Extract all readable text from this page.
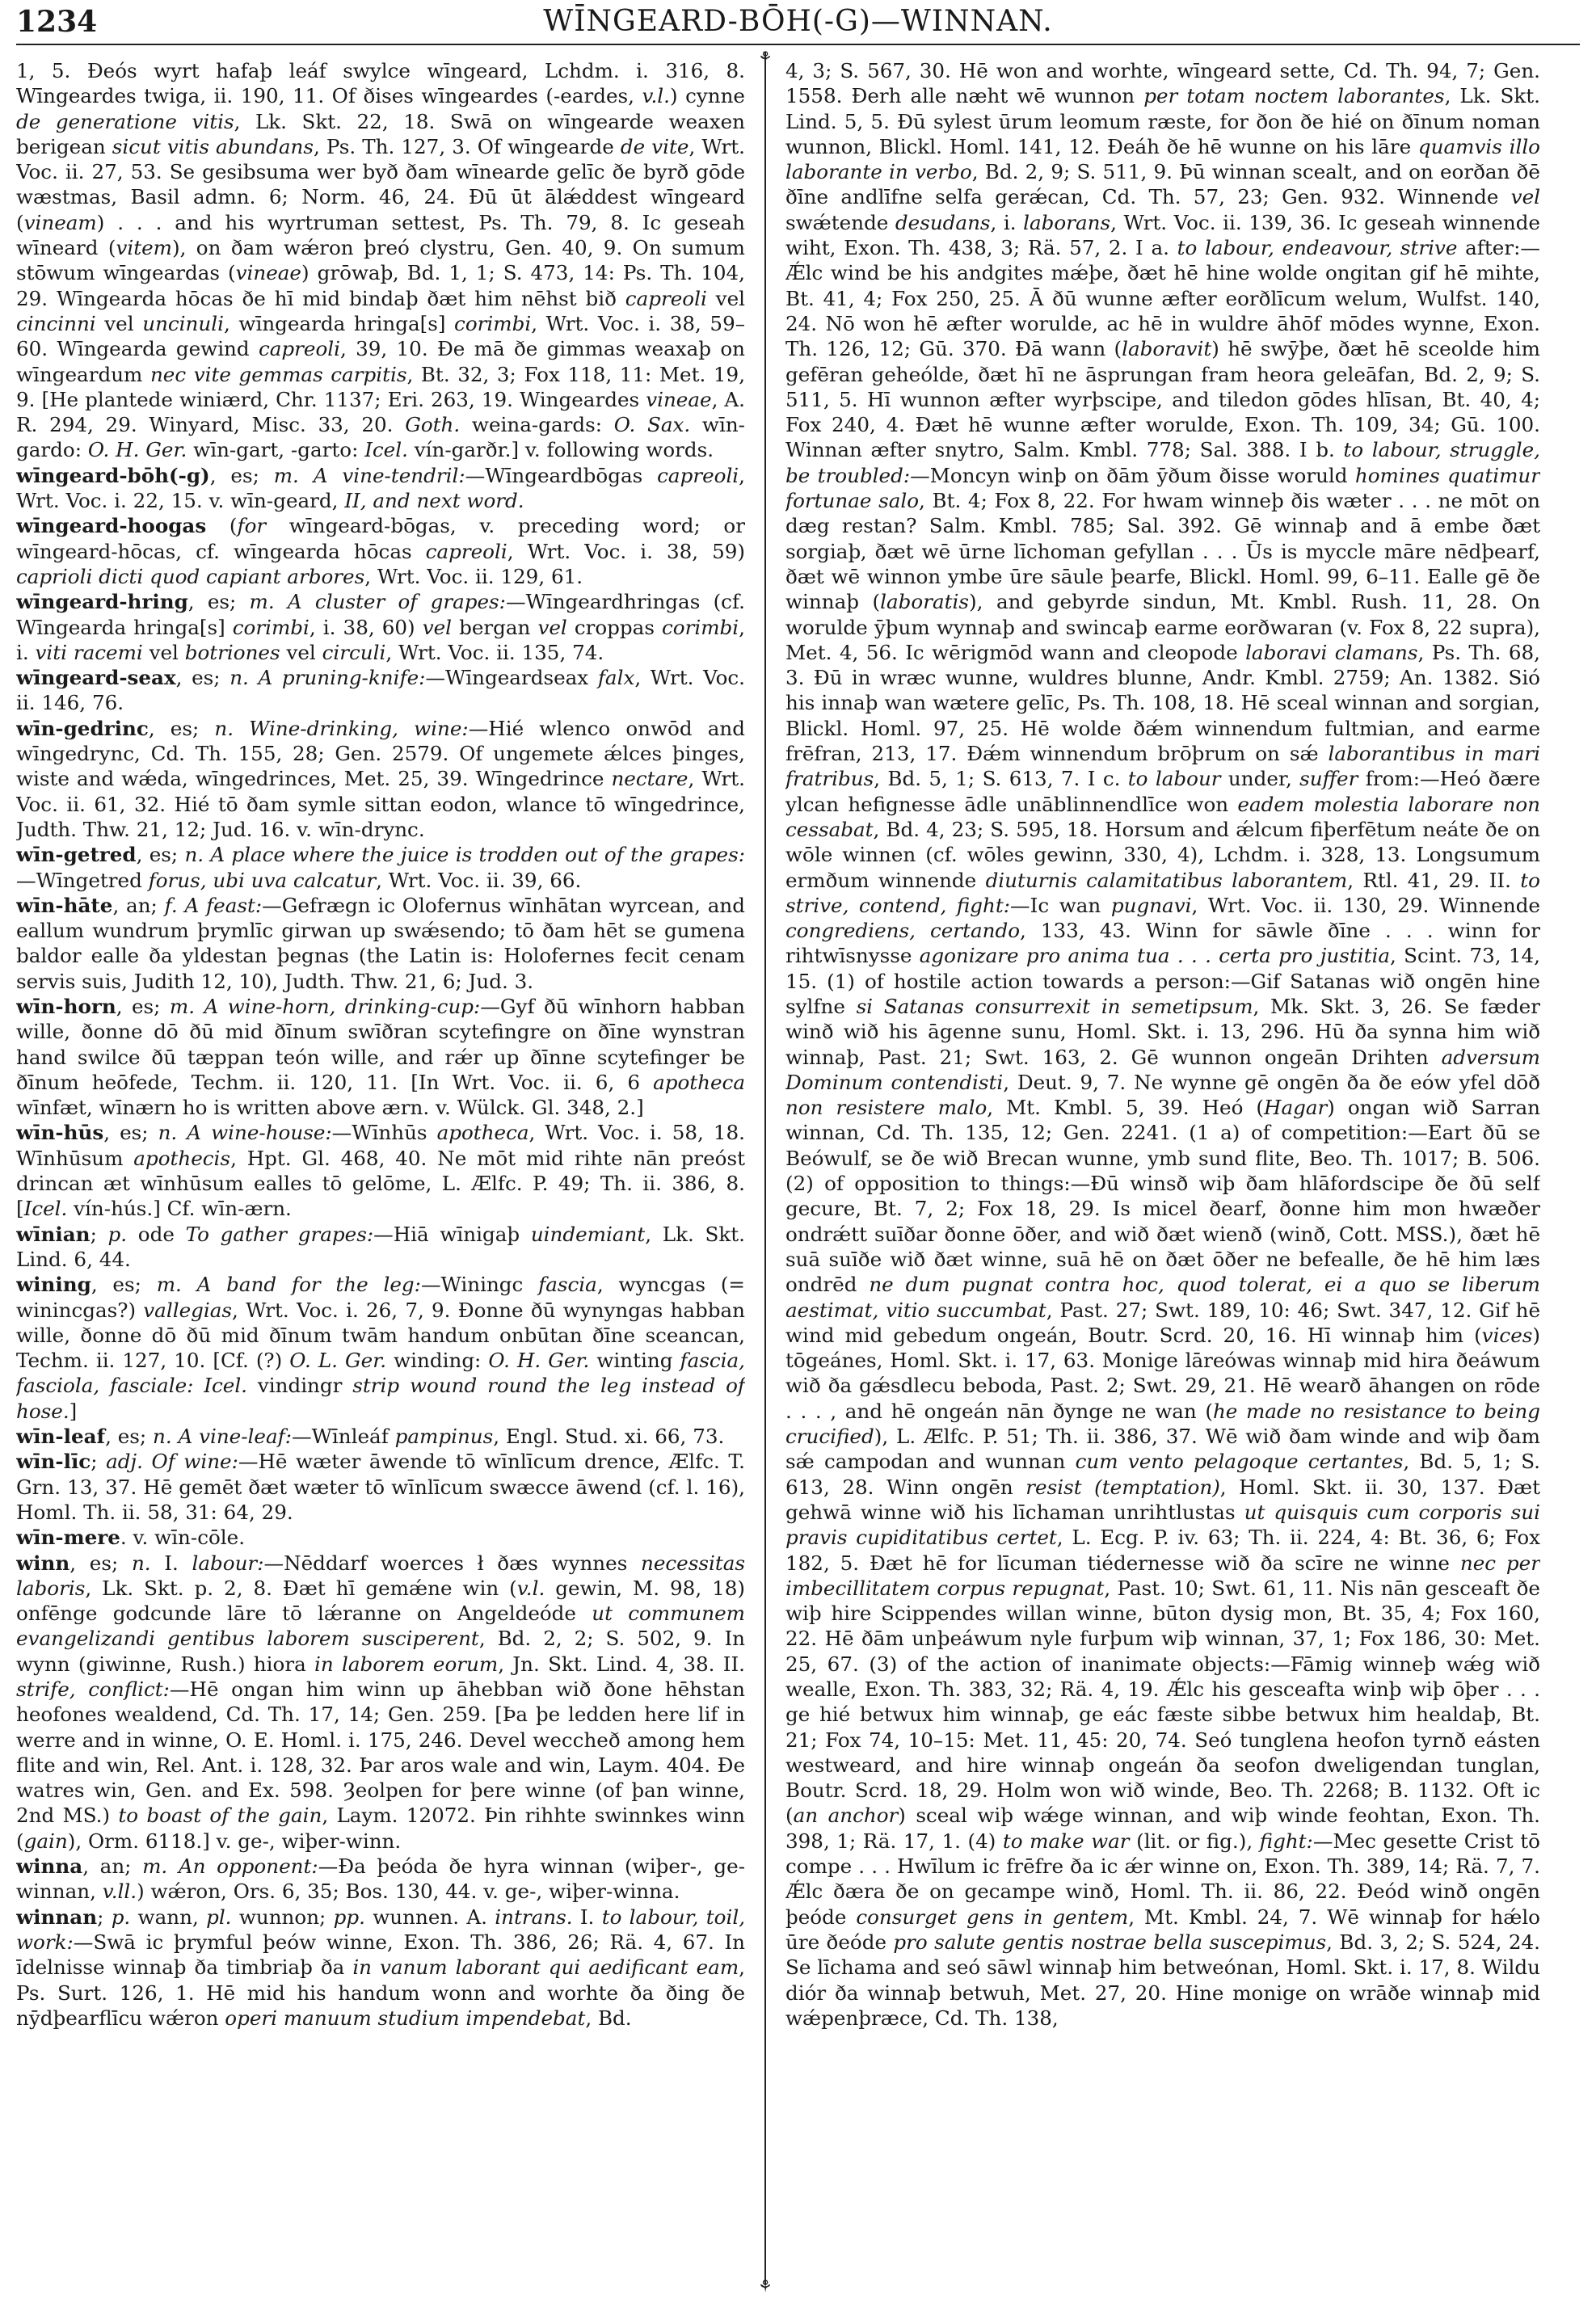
1234	WĪNGEARD-BŌH(-G)—WINNAN.

1, 5. Ðeós wyrt hafaþ leáf swylce wīngeard, Lchdm. i. 316, 8. Wīngeardes twiga, ii. 190, 11. Of ðises wīngeardes (-eardes, v.l.) cynne de generatione vitis, Lk. Skt. 22, 18. Swā on wīngearde weaxen berigean sicut vitis abundans, Ps. Th. 127, 3. Of wīngearde de vite, Wrt. Voc. ii. 27, 53. Se gesibsuma wer byð ðam wīnearde gelīc ðe byrð gōde wæstmas, Basil admn. 6; Norm. 46, 24. Ðū ūt ālǽddest wīngeard (vineam) . . . and his wyrtruman settest, Ps. Th. 79, 8. Ic geseah wīneard (vitem), on ðam wǽron þreó clystru, Gen. 40, 9. On sumum stōwum wīngeardas (vineae) grōwaþ, Bd. 1, 1; S. 473, 14: Ps. Th. 104, 29. Wīngearda hōcas ðe hī mid bindaþ ðæt him nēhst bið capreoli vel cincinni vel uncinuli, wīngearda hringa[s] corimbi, Wrt. Voc. i. 38, 59–60. Wīngearda gewind capreoli, 39, 10. Ðe mā ðe gimmas weaxaþ on wīngeardum nec vite gemmas carpitis, Bt. 32, 3; Fox 118, 11: Met. 19, 9. [He plantede winiærd, Chr. 1137; Eri. 263, 19. Wingeardes vineae, A. R. 294, 29. Winyard, Misc. 33, 20. Goth. weina-gards: O. Sax. wīn-gardo: O. H. Ger. wīn-gart, -garto: Icel. vín-garðr.] v. following words.

wīngeard-bōh(-g), es; m. A vine-tendril:—Wīngeardbōgas capreoli, Wrt. Voc. i. 22, 15. v. wīn-geard, II, and next word.

wīngeard-hoogas (for wīngeard-bōgas, v. preceding word; or wīngeard-hōcas, cf. wīngearda hōcas capreoli, Wrt. Voc. i. 38, 59) caprioli dicti quod capiant arbores, Wrt. Voc. ii. 129, 61.

wīngeard-hring, es; m. A cluster of grapes:—Wīngeardhringas (cf. Wīngearda hringa[s] corimbi, i. 38, 60) vel bergan vel croppas corimbi, i. viti racemi vel botriones vel circuli, Wrt. Voc. ii. 135, 74.

wīngeard-seax, es; n. A pruning-knife:—Wīngeardseax falx, Wrt. Voc. ii. 146, 76.

wīn-gedrinc, es; n. Wine-drinking, wine:—Hié wlenco onwōd and wīngedrync, Cd. Th. 155, 28; Gen. 2579. Of ungemete ǽlces þinges, wiste and wǽda, wīngedrinces, Met. 25, 39. Wīngedrince nectare, Wrt. Voc. ii. 61, 32. Hié tō ðam symle sittan eodon, wlance tō wīngedrince, Judth. Thw. 21, 12; Jud. 16. v. wīn-drync.

wīn-getred, es; n. A place where the juice is trodden out of the grapes:—Wīngetred forus, ubi uva calcatur, Wrt. Voc. ii. 39, 66.

wīn-hāte, an; f. A feast:—Gefrægn ic Olofernus wīnhātan wyrcean, and eallum wundrum þrymlīc girwan up swǽsendo; tō ðam hēt se gumena baldor ealle ða yldestan þegnas (the Latin is: Holofernes fecit cenam servis suis, Judith 12, 10), Judth. Thw. 21, 6; Jud. 3.

wīn-horn, es; m. A wine-horn, drinking-cup:—Gyf ðū wīnhorn habban wille, ðonne dō ðū mid ðīnum swīðran scytefingre on ðīne wynstran hand swilce ðū tæppan teón wille, and rǽr up ðīnne scytefinger be ðīnum heōfede, Techm. ii. 120, 11. [In Wrt. Voc. ii. 6, 6 apotheca wīnfæt, wīnærn ho is written above ærn. v. Wülck. Gl. 348, 2.]

wīn-hūs, es; n. A wine-house:—Wīnhūs apotheca, Wrt. Voc. i. 58, 18. Wīnhūsum apothecis, Hpt. Gl. 468, 40. Ne mōt mid rihte nān preóst drincan æt wīnhūsum ealles tō gelōme, L. Ælfc. P. 49; Th. ii. 386, 8. [Icel. vín-hús.] Cf. wīn-ærn.

wīnian; p. ode To gather grapes:—Hiā wīnigaþ uindemiant, Lk. Skt. Lind. 6, 44.

wining, es; m. A band for the leg:—Winingc fascia, wyncgas (= winincgas?) vallegias, Wrt. Voc. i. 26, 7, 9. Ðonne ðū wynyngas habban wille, ðonne dō ðū mid ðīnum twām handum onbūtan ðīne sceancan, Techm. ii. 127, 10. [Cf. (?) O. L. Ger. winding: O. H. Ger. winting fascia, fasciola, fasciale: Icel. vindingr strip wound round the leg instead of hose.]

wīn-leaf, es; n. A vine-leaf:—Wīnleáf pampinus, Engl. Stud. xi. 66, 73.

wīn-līc; adj. Of wine:—Hē wæter āwende tō wīnlīcum drence, Ælfc. T. Grn. 13, 37. Hē gemēt ðæt wæter tō wīnlīcum swæcce āwend (cf. l. 16), Homl. Th. ii. 58, 31: 64, 29.

wīn-mere. v. wīn-cōle.

winn, es; n. I. labour:—Nēddarf woerces ł ðæs wynnes necessitas laboris, Lk. Skt. p. 2, 8. Ðæt hī gemǽne win (v.l. gewin, M. 98, 18) onfēnge godcunde lāre tō lǽranne on Angeldeóde ut communem evangelizandi gentibus laborem susciperent, Bd. 2, 2; S. 502, 9. In wynn (giwinne, Rush.) hiora in laborem eorum, Jn. Skt. Lind. 4, 38. II. strife, conflict:—Hē ongan him winn up āhebban wið ðone hēhstan heofones wealdend, Cd. Th. 17, 14; Gen. 259. [Þa þe ledden here lif in werre and in winne, O. E. Homl. i. 175, 246. Devel weccheð among hem flite and win, Rel. Ant. i. 128, 32. Þar aros wale and win, Laym. 404. Ðe watres win, Gen. and Ex. 598. Ȝeolpen for þere winne (of þan winne, 2nd MS.) to boast of the gain, Laym. 12072. Þin rihhte swinnkes winn (gain), Orm. 6118.] v. ge-, wiþer-winn.

winna, an; m. An opponent:—Ða þeóda ðe hyra winnan (wiþer-, ge-winnan, v.ll.) wǽron, Ors. 6, 35; Bos. 130, 44. v. ge-, wiþer-winna.

winnan; p. wann, pl. wunnon; pp. wunnen. A. intrans. I. to labour, toil, work:—Swā ic þrymful þeów winne, Exon. Th. 386, 26; Rä. 4, 67. In īdelnisse winnaþ ða timbriaþ ða in vanum laborant qui aedificant eam, Ps. Surt. 126, 1. Hē mid his handum wonn and worhte ða ðing ðe nȳdþearflīcu wǽron operi manuum studium impendebat, Bd.

⚘
⚘

4, 3; S. 567, 30. Hē won and worhte, wīngeard sette, Cd. Th. 94, 7; Gen. 1558. Ðerh alle næht wē wunnon per totam noctem laborantes, Lk. Skt. Lind. 5, 5. Ðū sylest ūrum leomum ræste, for ðon ðe hié on ðīnum noman wunnon, Blickl. Homl. 141, 12. Ðeáh ðe hē wunne on his lāre quamvis illo laborante in verbo, Bd. 2, 9; S. 511, 9. Þū winnan scealt, and on eorðan ðē ðīne andlīfne selfa gerǽcan, Cd. Th. 57, 23; Gen. 932. Winnende vel swǽtende desudans, i. laborans, Wrt. Voc. ii. 139, 36. Ic geseah winnende wiht, Exon. Th. 438, 3; Rä. 57, 2. I a. to labour, endeavour, strive after:—Ǽlc wind be his andgites mǽþe, ðæt hē hine wolde ongitan gif hē mihte, Bt. 41, 4; Fox 250, 25. Ā ðū wunne æfter eorðlīcum welum, Wulfst. 140, 24. Nō won hē æfter worulde, ac hē in wuldre āhōf mōdes wynne, Exon. Th. 126, 12; Gū. 370. Ðā wann (laboravit) hē swȳþe, ðæt hē sceolde him gefēran geheólde, ðæt hī ne āsprungan fram heora geleāfan, Bd. 2, 9; S. 511, 5. Hī wunnon æfter wyrþscipe, and tiledon gōdes hlīsan, Bt. 40, 4; Fox 240, 4. Ðæt hē wunne æfter worulde, Exon. Th. 109, 34; Gū. 100. Winnan æfter snytro, Salm. Kmbl. 778; Sal. 388. I b. to labour, struggle, be troubled:—Moncyn winþ on ðām ȳðum ðisse woruld homines quatimur fortunae salo, Bt. 4; Fox 8, 22. For hwam winneþ ðis wæter . . . ne mōt on dæg restan? Salm. Kmbl. 785; Sal. 392. Gē winnaþ and ā embe ðæt sorgiaþ, ðæt wē ūrne līchoman gefyllan . . . Ūs is myccle māre nēdþearf, ðæt wē winnon ymbe ūre sāule þearfe, Blickl. Homl. 99, 6–11. Ealle gē ðe winnaþ (laboratis), and gebyrde sindun, Mt. Kmbl. Rush. 11, 28. On worulde ȳþum wynnaþ and swincaþ earme eorðwaran (v. Fox 8, 22 supra), Met. 4, 56. Ic wērigmōd wann and cleopode laboravi clamans, Ps. Th. 68, 3. Ðū in wræc wunne, wuldres blunne, Andr. Kmbl. 2759; An. 1382. Sió his innaþ wan wætere gelīc, Ps. Th. 108, 18. Hē sceal winnan and sorgian, Blickl. Homl. 97, 25. Hē wolde ðǽm winnendum fultmian, and earme frēfran, 213, 17. Ðǽm winnendum brōþrum on sǽ laborantibus in mari fratribus, Bd. 5, 1; S. 613, 7. I c. to labour under, suffer from:—Heó ðære ylcan hefignesse ādle unāblinnendlīce won eadem molestia laborare non cessabat, Bd. 4, 23; S. 595, 18. Horsum and ǽlcum fiþerfētum neáte ðe on wōle winnen (cf. wōles gewinn, 330, 4), Lchdm. i. 328, 13. Longsumum ermðum winnende diuturnis calamitatibus laborantem, Rtl. 41, 29. II. to strive, contend, fight:—Ic wan pugnavi, Wrt. Voc. ii. 130, 29. Winnende congrediens, certando, 133, 43. Winn for sāwle ðīne . . . winn for rihtwīsnysse agonizare pro anima tua . . . certa pro justitia, Scint. 73, 14, 15. (1) of hostile action towards a person:—Gif Satanas wið ongēn hine sylfne si Satanas consurrexit in semetipsum, Mk. Skt. 3, 26. Se fæder winð wið his āgenne sunu, Homl. Skt. i. 13, 296. Hū ða synna him wið winnaþ, Past. 21; Swt. 163, 2. Gē wunnon ongeān Drihten adversum Dominum contendisti, Deut. 9, 7. Ne wynne gē ongēn ða ðe eów yfel dōð non resistere malo, Mt. Kmbl. 5, 39. Heó (Hagar) ongan wið Sarran winnan, Cd. Th. 135, 12; Gen. 2241. (1 a) of competition:—Eart ðū se Beówulf, se ðe wið Brecan wunne, ymb sund flite, Beo. Th. 1017; B. 506. (2) of opposition to things:—Ðū winsð wiþ ðam hlāfordscipe ðe ðū self gecure, Bt. 7, 2; Fox 18, 29. Is micel ðearf, ðonne him mon hwæðer ondrǽtt suīðar ðonne ōðer, and wið ðæt wienð (winð, Cott. MSS.), ðæt hē suā suīðe wið ðæt winne, suā hē on ðæt ōðer ne befealle, ðe hē him læs ondrēd ne dum pugnat contra hoc, quod tolerat, ei a quo se liberum aestimat, vitio succumbat, Past. 27; Swt. 189, 10: 46; Swt. 347, 12. Gif hē wind mid gebedum ongeán, Boutr. Scrd. 20, 16. Hī winnaþ him (vices) tōgeánes, Homl. Skt. i. 17, 63. Monige lāreówas winnaþ mid hira ðeáwum wið ða gǽsdlecu beboda, Past. 2; Swt. 29, 21. Hē wearð āhangen on rōde . . . , and hē ongeán nān ðynge ne wan (he made no resistance to being crucified), L. Ælfc. P. 51; Th. ii. 386, 37. Wē wið ðam winde and wiþ ðam sǽ campodan and wunnan cum vento pelagoque certantes, Bd. 5, 1; S. 613, 28. Winn ongēn resist (temptation), Homl. Skt. ii. 30, 137. Ðæt gehwā winne wið his līchaman unrihtlustas ut quisquis cum corporis sui pravis cupiditatibus certet, L. Ecg. P. iv. 63; Th. ii. 224, 4: Bt. 36, 6; Fox 182, 5. Ðæt hē for līcuman tiédernesse wið ða scīre ne winne nec per imbecillitatem corpus repugnat, Past. 10; Swt. 61, 11. Nis nān gesceaft ðe wiþ hire Scippendes willan winne, būton dysig mon, Bt. 35, 4; Fox 160, 22. Hē ðām unþeáwum nyle furþum wiþ winnan, 37, 1; Fox 186, 30: Met. 25, 67. (3) of the action of inanimate objects:—Fāmig winneþ wǽg wið wealle, Exon. Th. 383, 32; Rä. 4, 19. Ǽlc his gesceafta winþ wiþ ōþer . . . ge hié betwux him winnaþ, ge eác fæste sibbe betwux him healdaþ, Bt. 21; Fox 74, 10–15: Met. 11, 45: 20, 74. Seó tunglena heofon tyrnð eásten westweard, and hire winnaþ ongeán ða seofon dweligendan tunglan, Boutr. Scrd. 18, 29. Holm won wið winde, Beo. Th. 2268; B. 1132. Oft ic (an anchor) sceal wiþ wǽge winnan, and wiþ winde feohtan, Exon. Th. 398, 1; Rä. 17, 1. (4) to make war (lit. or fig.), fight:—Mec gesette Crist tō compe . . . Hwīlum ic frēfre ða ic ǽr winne on, Exon. Th. 389, 14; Rä. 7, 7. Ǽlc ðæra ðe on gecampe winð, Homl. Th. ii. 86, 22. Ðeód winð ongēn þeóde consurget gens in gentem, Mt. Kmbl. 24, 7. Wē winnaþ for hǽlo ūre ðeóde pro salute gentis nostrae bella suscepimus, Bd. 3, 2; S. 524, 24. Se līchama and seó sāwl winnaþ him betweónan, Homl. Skt. i. 17, 8. Wildu diór ða winnaþ betwuh, Met. 27, 20. Hine monige on wrāðe winnaþ mid wǽpenþræce, Cd. Th. 138,
